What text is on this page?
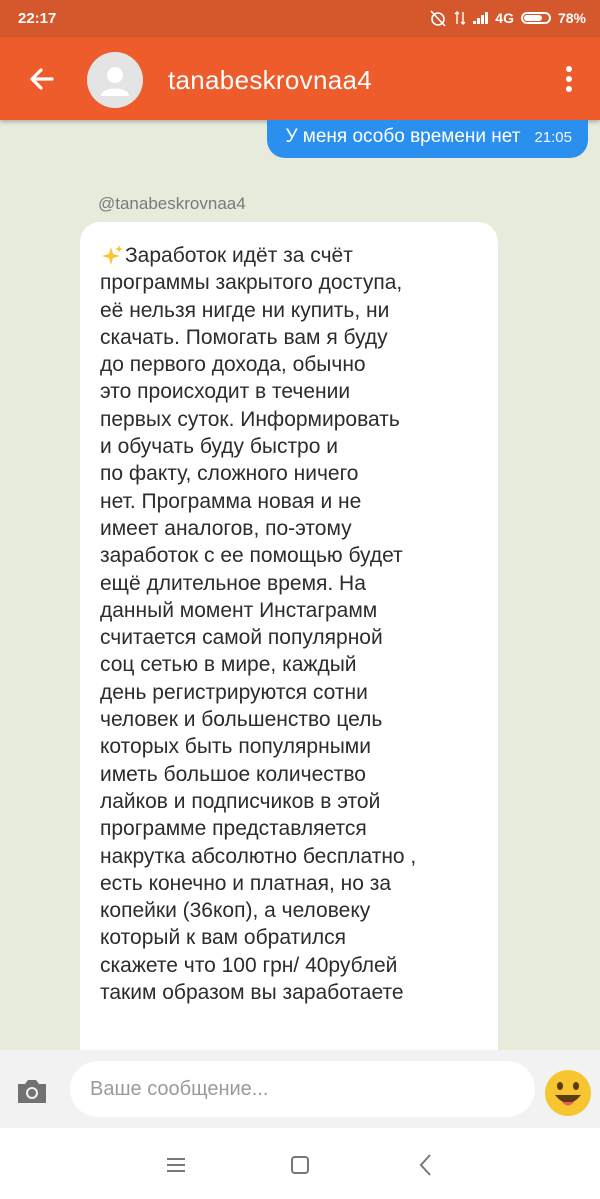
22:17	4G	78%
tanabeskrovnaa4
У меня особо времени нет 21:05
@tanabeskrovnaa4
Заработок идёт за счёт
программы закрытого доступа,
её нельзя нигде ни купить, ни
скачать. Помогать вам я буду
до первого дохода, обычно
это происходит в течении
первых суток. Информировать
и обучать буду быстро и
по факту, сложного ничего
нет. Программа новая и не
имеет аналогов, по-этому
заработок с ее помощью будет
ещё длительное время. На
данный момент Инстаграмм
считается самой популярной
соц сетью в мире, каждый
день регистрируются сотни
человек и большенство цель
которых быть популярными
иметь большое количество
лайков и подписчиков в этой
программе представляется
накрутка абсолютно бесплатно ,
есть конечно и платная, но за
копейки (36коп), а человеку
который к вам обратился
скажете что 100 грн/ 40рублей
таким образом вы заработаете
Ваше сообщение...
